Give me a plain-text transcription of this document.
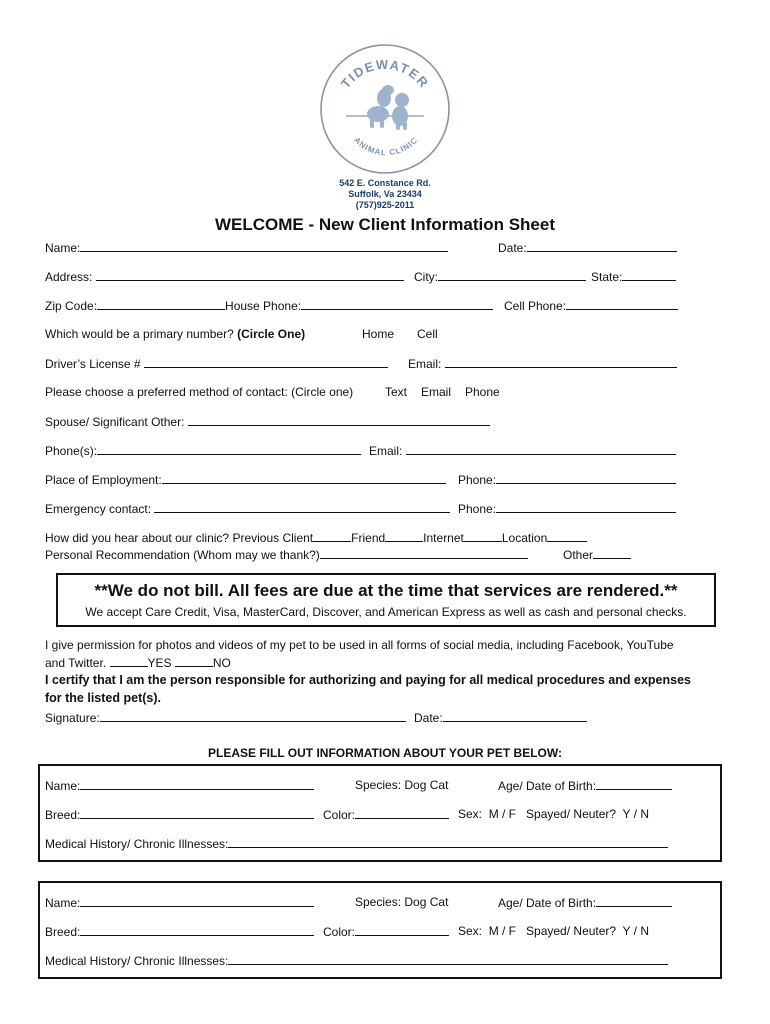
TIDEWATER
ANIMAL CLINIC
542 E. Constance Rd.
Suffolk, Va 23434
(757)925-2011
WELCOME - New Client Information Sheet
Name:	Date:
Address:	City:	State:
Zip Code:	House Phone:	Cell Phone:
Which would be a primary number? (Circle One)	Home Cell
Driver’s License #	Email:
Please choose a preferred method of contact: (Circle one)	Text Email Phone
Spouse/ Significant Other:
Phone(s):	Email:
Place of Employment:	Phone:
Emergency contact:	Phone:
How did you hear about our clinic? Previous Client	Friend	Internet	Location
Personal Recommendation (Whom may we thank?)	Other
**We do not bill. All fees are due at the time that services are rendered.**
We accept Care Credit, Visa, MasterCard, Discover, and American Express as well as cash and personal checks.
I give permission for photos and videos of my pet to be used in all forms of social media, including Facebook, YouTube
and Twitter.	YES	NO
I certify that I am the person responsible for authorizing and paying for all medical procedures and expenses
for the listed pet(s).
Signature:	Date:
PLEASE FILL OUT INFORMATION ABOUT YOUR PET BELOW:
Name:	Species: Dog Cat	Age/ Date of Birth:
Breed:	Color:	Sex: M / F Spayed/ Neuter? Y / N
Medical History/ Chronic Illnesses:
Name:	Species: Dog Cat	Age/ Date of Birth:
Breed:	Color:	Sex: M / F Spayed/ Neuter? Y / N
Medical History/ Chronic Illnesses:
